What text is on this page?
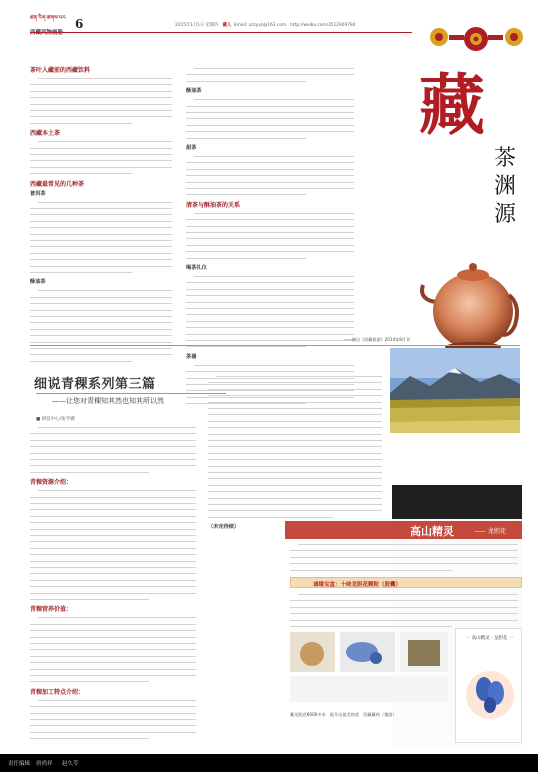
ཚན་རིག་ཚགས་པར 6	2015年1月1日 星期四 藏人 Email: xzzyyz@163.com http://weibo.com/3512909784
藏
茶
渊
源
茶叶入藏前的西藏饮料
西藏本土茶
西藏最常见的几种茶
普洱茶
酥油茶
酥油茶
甜茶
清茶与酥油茶的关系
喝茶礼仪
茶器
——摘自《西藏旅游》2014年8月刊
细说青稞系列第三篇
——让您对青稞知其然也知其所以然
■ 研技中心/张学骥
青稞资源介绍：
青稞营养价值：
青稞加工特点介绍：
（未完待续）	高山精灵	—— 龙胆花
诚缘宝盒：十味龙胆花颗粒（胶囊）
藏龙胆花6000多米 能开出最美的花 西藏藏药（集团）
一 高山精灵 · 龙胆花 一
责任编辑 唐尚祥 赵久苓
